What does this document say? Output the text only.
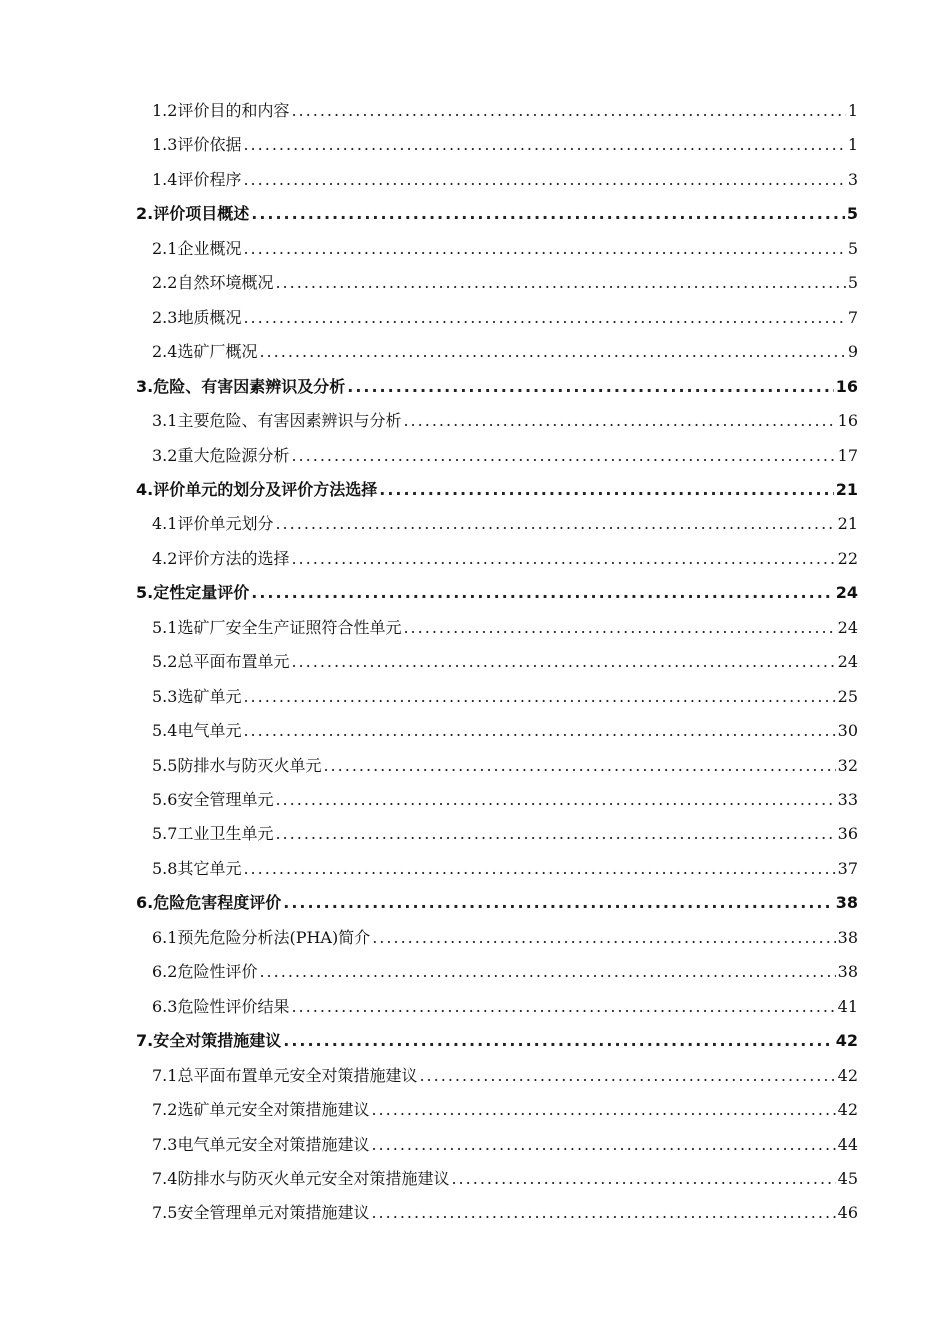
1.2 评价目的和内容 .....	1
1.3 评价依据 .....	1
1.4 评价程序 .....	3
2. 评价项目概述 .....	5
2.1 企业概况 .....	5
2.2 自然环境概况 .....	5
2.3 地质概况 .....	7
2.4 选矿厂概况 .....	9
3. 危险、有害因素辨识及分析 .....	16
3.1 主要危险、有害因素辨识与分析 .....	16
3.2 重大危险源分析 .....	17
4. 评价单元的划分及评价方法选择 .....	21
4.1 评价单元划分 .....	21
4.2 评价方法的选择 .....	22
5. 定性定量评价 .....	24
5.1 选矿厂安全生产证照符合性单元 .....	24
5.2 总平面布置单元 .....	24
5.3 选矿单元 .....	25
5.4 电气单元 .....	30
5.5 防排水与防灭火单元 .....	32
5.6 安全管理单元 .....	33
5.7 工业卫生单元 .....	36
5.8 其它单元 .....	37
6. 危险危害程度评价 .....	38
6.1 预先危险分析法(PHA)简介 .....	38
6.2 危险性评价 .....	38
6.3 危险性评价结果 .....	41
7. 安全对策措施建议 .....	42
7.1 总平面布置单元安全对策措施建议 .....	42
7.2 选矿单元安全对策措施建议 .....	42
7.3 电气单元安全对策措施建议 .....	44
7.4 防排水与防灭火单元安全对策措施建议 .....	45
7.5 安全管理单元对策措施建议 .....	46
